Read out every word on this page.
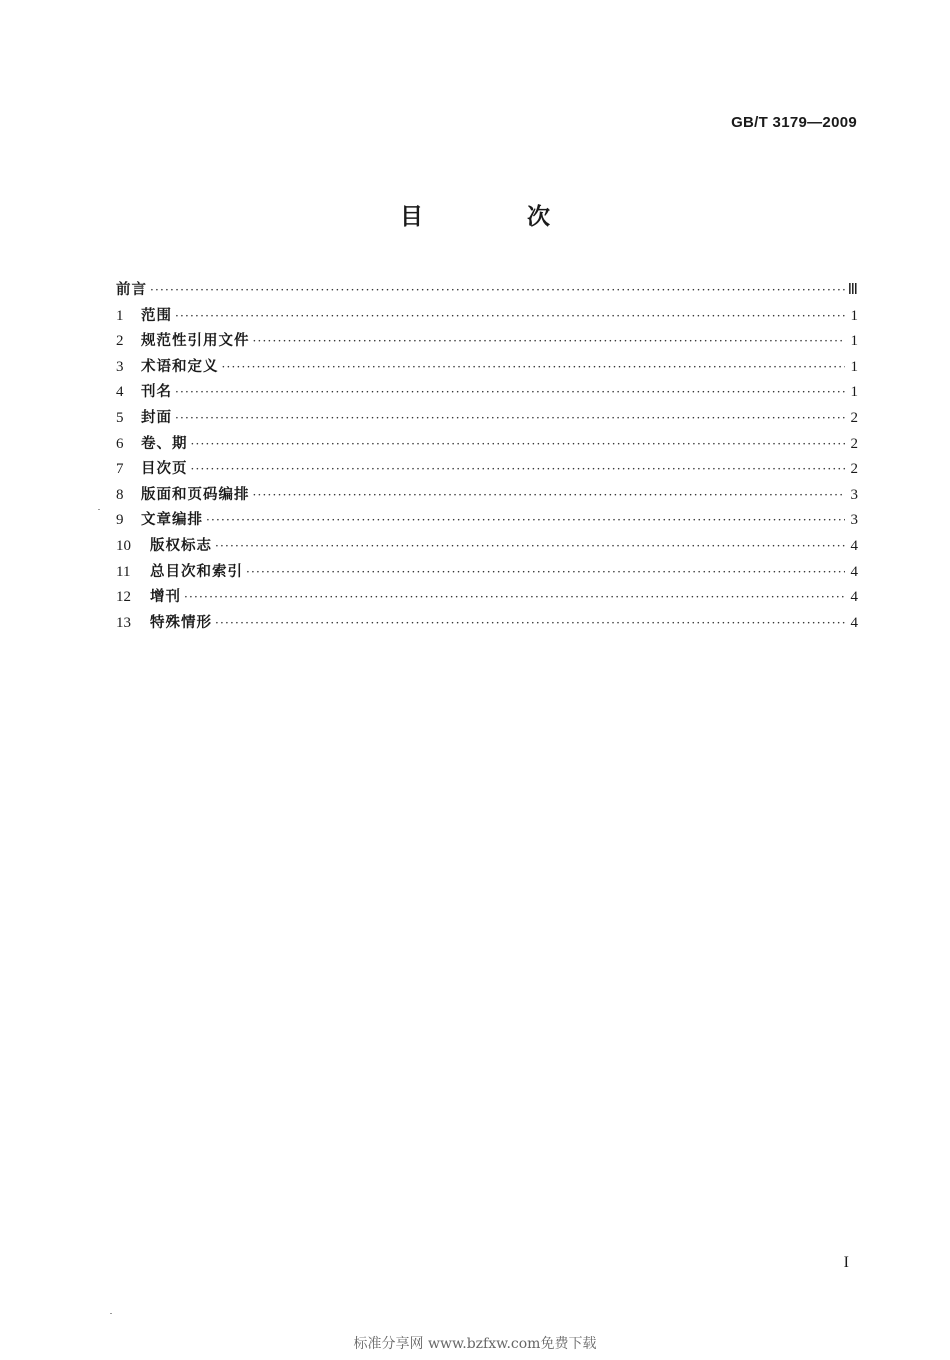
GB/T 3179—2009
目 次
前言 ·····	Ⅲ
1	范围 ·····	1
2	规范性引用文件 ·····	1
3	术语和定义 ·····	1
4	刊名 ·····	1
5	封面 ·····	2
6	卷、期 ·····	2
7	目次页 ·····	2
8	版面和页码编排 ·····	3
9	文章编排 ·····	3
10	版权标志 ·····	4
11	总目次和索引 ·····	4
12	增刊 ·····	4
13	特殊情形 ·····	4
I
标准分享网 www.bzfxw.com免费下载
